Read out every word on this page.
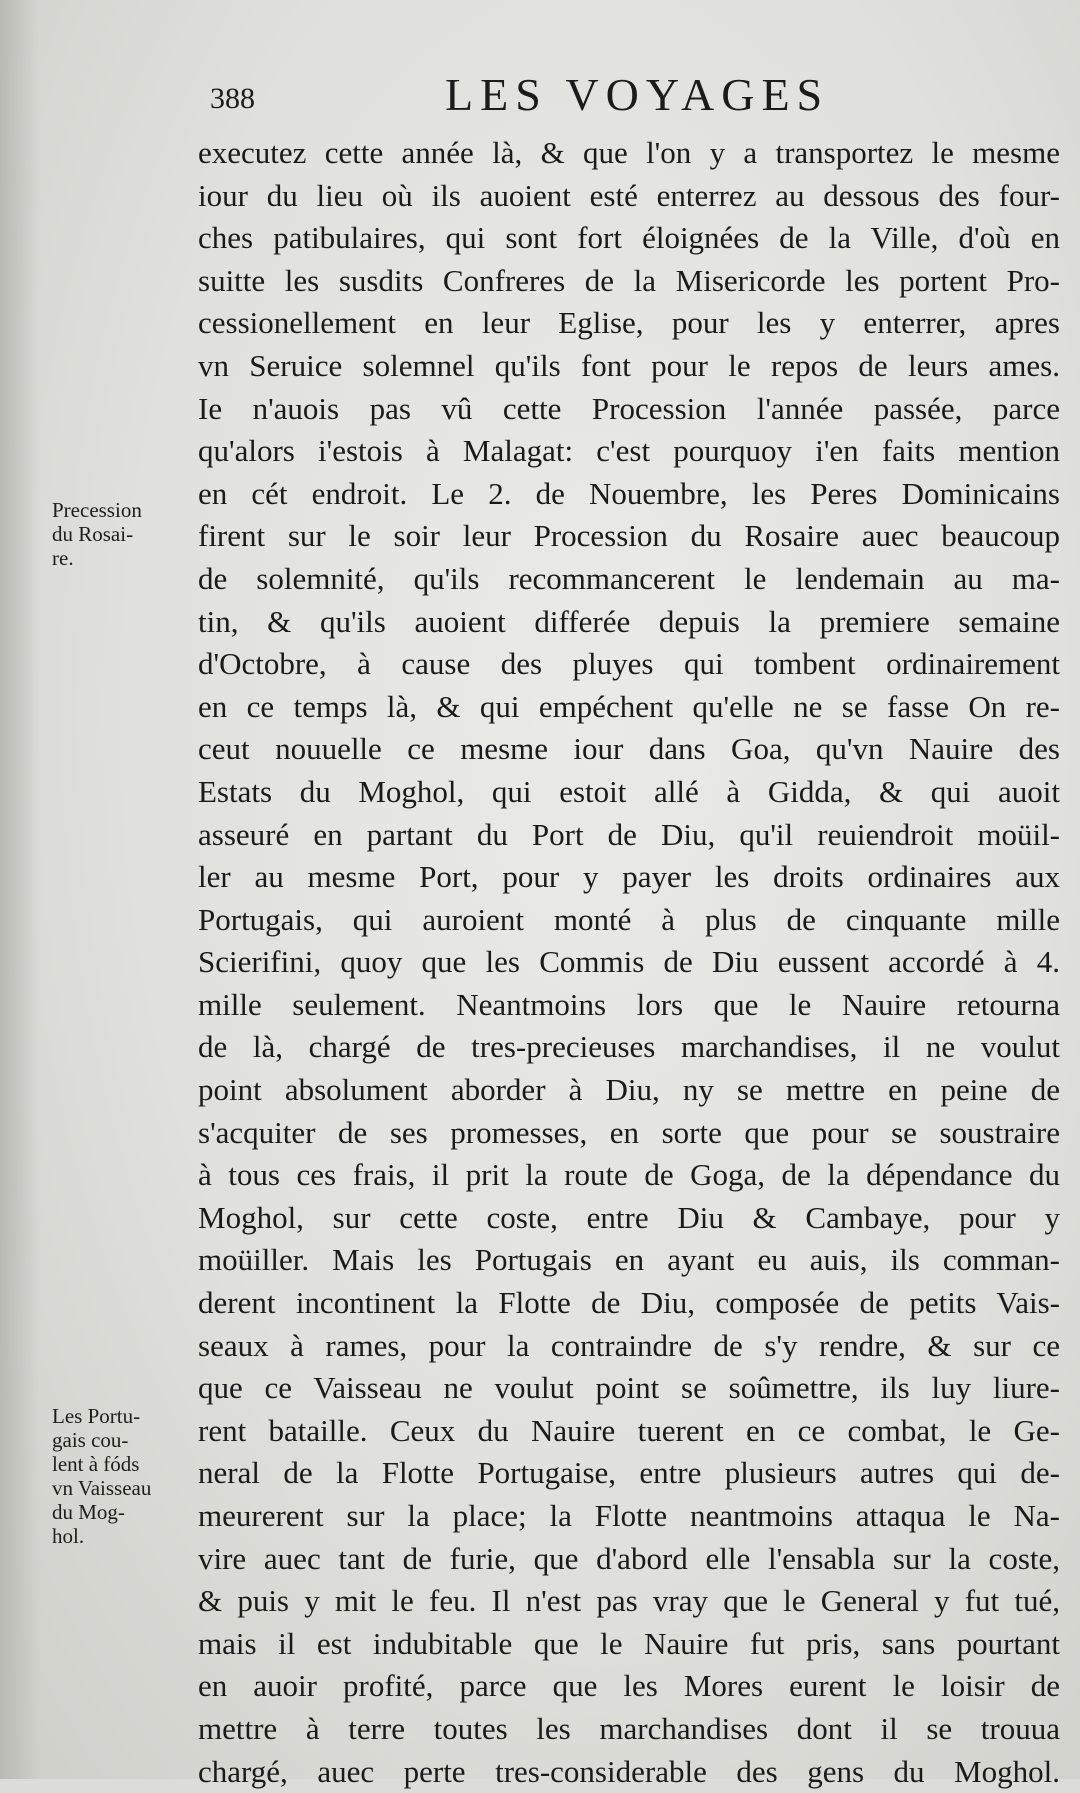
388	LES VOYAGES
Precession
du Rosai-
re.
Les Portu-
gais cou-
lent à fóds
vn Vaisseau
du Mog-
hol.
executez cette année là, & que l'on y a transportez le mesme
iour du lieu où ils auoient esté enterrez au dessous des four-
ches patibulaires, qui sont fort éloignées de la Ville, d'où en
suitte les susdits Confreres de la Misericorde les portent Pro-
cessionellement en leur Eglise, pour les y enterrer, apres
vn Seruice solemnel qu'ils font pour le repos de leurs ames.
Ie n'auois pas vû cette Procession l'année passée, parce
qu'alors i'estois à Malagat: c'est pourquoy i'en faits mention
en cét endroit. Le 2. de Nouembre, les Peres Dominicains
firent sur le soir leur Procession du Rosaire auec beaucoup
de solemnité, qu'ils recommancerent le lendemain au ma-
tin, & qu'ils auoient differée depuis la premiere semaine
d'Octobre, à cause des pluyes qui tombent ordinairement
en ce temps là, & qui empéchent qu'elle ne se fasse On re-
ceut nouuelle ce mesme iour dans Goa, qu'vn Nauire des
Estats du Moghol, qui estoit allé à Gidda, & qui auoit
asseuré en partant du Port de Diu, qu'il reuiendroit moüil-
ler au mesme Port, pour y payer les droits ordinaires aux
Portugais, qui auroient monté à plus de cinquante mille
Scierifini, quoy que les Commis de Diu eussent accordé à 4.
mille seulement. Neantmoins lors que le Nauire retourna
de là, chargé de tres-precieuses marchandises, il ne voulut
point absolument aborder à Diu, ny se mettre en peine de
s'acquiter de ses promesses, en sorte que pour se soustraire
à tous ces frais, il prit la route de Goga, de la dépendance du
Moghol, sur cette coste, entre Diu & Cambaye, pour y
moüiller. Mais les Portugais en ayant eu auis, ils comman-
derent incontinent la Flotte de Diu, composée de petits Vais-
seaux à rames, pour la contraindre de s'y rendre, & sur ce
que ce Vaisseau ne voulut point se soûmettre, ils luy liure-
rent bataille. Ceux du Nauire tuerent en ce combat, le Ge-
neral de la Flotte Portugaise, entre plusieurs autres qui de-
meurerent sur la place; la Flotte neantmoins attaqua le Na-
vire auec tant de furie, que d'abord elle l'ensabla sur la coste,
& puis y mit le feu. Il n'est pas vray que le General y fut tué,
mais il est indubitable que le Nauire fut pris, sans pourtant
en auoir profité, parce que les Mores eurent le loisir de
mettre à terre toutes les marchandises dont il se trouua
chargé, auec perte tres-considerable des gens du Moghol.
